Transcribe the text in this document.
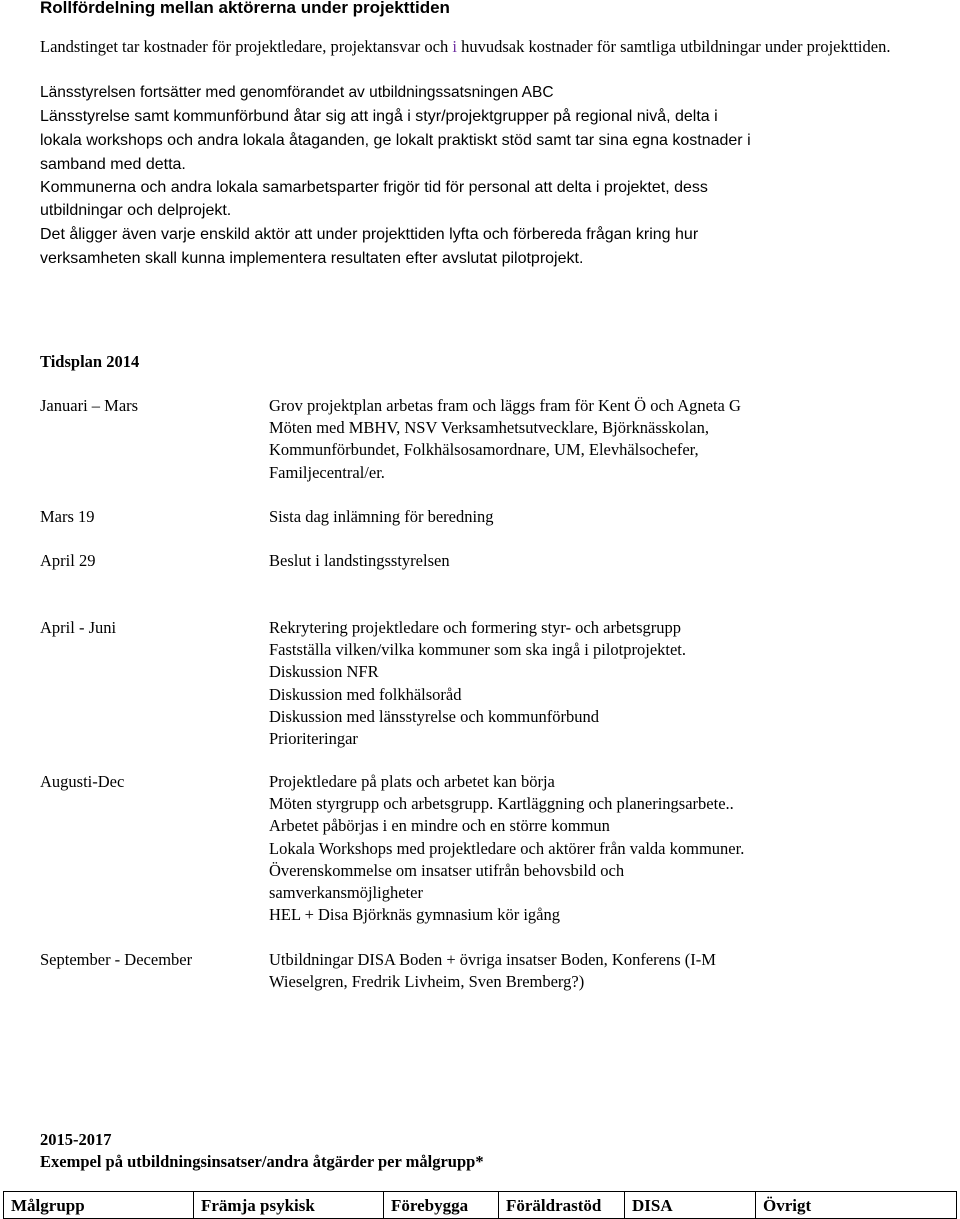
Rollfördelning mellan aktörerna under projekttiden
Landstinget tar kostnader för projektledare, projektansvar och i huvudsak kostnader för samtliga utbildningar under projekttiden.
Länsstyrelsen fortsätter med genomförandet av utbildningssatsningen ABC
Länsstyrelse samt kommunförbund åtar sig att ingå i styr/projektgrupper på regional nivå, delta i
lokala workshops och andra lokala åtaganden, ge lokalt praktiskt stöd samt tar sina egna kostnader i
samband med detta.
Kommunerna och andra lokala samarbetsparter frigör tid för personal att delta i projektet, dess
utbildningar och delprojekt.
Det åligger även varje enskild aktör att under projekttiden lyfta och förbereda frågan kring hur
verksamheten skall kunna implementera resultaten efter avslutat pilotprojekt.
Tidsplan 2014
Januari – Mars	Grov projektplan arbetas fram och läggs fram för Kent Ö och Agneta G
Möten med MBHV, NSV Verksamhetsutvecklare, Björknässkolan,
Kommunförbundet, Folkhälsosamordnare, UM, Elevhälsochefer,
Familjecentral/er.
Mars 19	Sista dag inlämning för beredning
April 29	Beslut i landstingsstyrelsen
April - Juni	Rekrytering projektledare och formering styr- och arbetsgrupp
Fastställa vilken/vilka kommuner som ska ingå i pilotprojektet.
Diskussion NFR
Diskussion med folkhälsoråd
Diskussion med länsstyrelse och kommunförbund
Prioriteringar
Augusti-Dec	Projektledare på plats och arbetet kan börja
Möten styrgrupp och arbetsgrupp. Kartläggning och planeringsarbete..
Arbetet påbörjas i en mindre och en större kommun
Lokala Workshops med projektledare och aktörer från valda kommuner.
Överenskommelse om insatser utifrån behovsbild och
samverkansmöjligheter
HEL + Disa Björknäs gymnasium kör igång
September - December	Utbildningar DISA Boden + övriga insatser Boden, Konferens (I-M
Wieselgren, Fredrik Livheim, Sven Bremberg?)
2015-2017
Exempel på utbildningsinsatser/andra åtgärder per målgrupp*
Målgrupp	Främja psykisk	Förebygga	Föräldrastöd	DISA	Övrigt
